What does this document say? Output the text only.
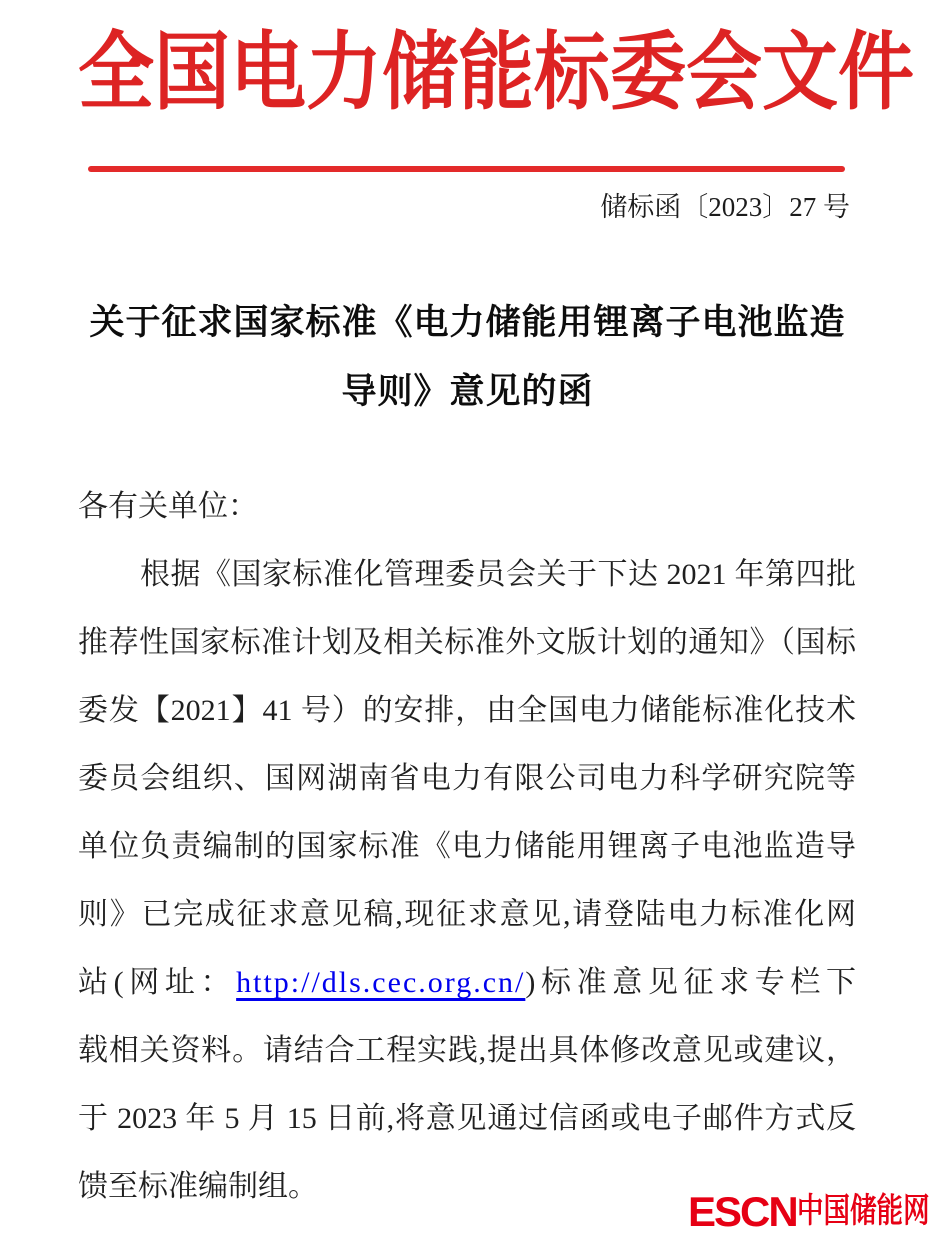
全国电力储能标委会文件
储标函〔2023〕27 号
关于征求国家标准《电力储能用锂离子电池监造
导则》意见的函
各有关单位：
根据《国家标准化管理委员会关于下达 2021 年第四批
推荐性国家标准计划及相关标准外文版计划的通知》（国标
委发【2021】41 号）的安排，由全国电力储能标准化技术
委员会组织、国网湖南省电力有限公司电力科学研究院等
单位负责编制的国家标准《电力储能用锂离子电池监造导
则》已完成征求意见稿,现征求意见,请登陆电力标准化网
站(网址：http://dls.cec.org.cn/)标准意见征求专栏下
载相关资料。请结合工程实践,提出具体修改意见或建议，
于 2023 年 5 月 15 日前,将意见通过信函或电子邮件方式反
馈至标准编制组。
ESCN 中国储能网
